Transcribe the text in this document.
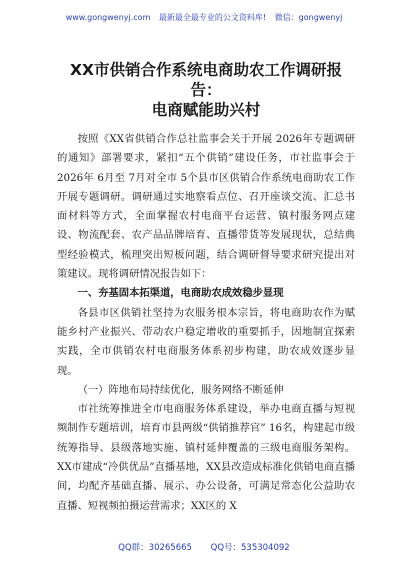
www.gongwenyj.com 最新最全最专业的公文资料库! 微信：gongwenyj
XX市供销合作系统电商助农工作调研报告：
电商赋能助兴村

按照《XX省供销合作总社监事会关于开展 2026年专题调研的通知》部署要求，紧扣“五个供销”建设任务，市社监事会于 2026年 6月至 7月对全市 5个县市区供销合作系统电商助农工作开展专题调研。调研通过实地察看点位、召开座谈交流、汇总书面材料等方式，全面掌握农村电商平台运营、镇村服务网点建设、物流配套、农产品品牌培育、直播带货等发展现状，总结典型经验模式，梳理突出短板问题，结合调研督导要求研究提出对策建议。现将调研情况报告如下：

一、夯基固本拓渠道，电商助农成效稳步显现

各县市区供销社坚持为农服务根本宗旨，将电商助农作为赋能乡村产业振兴、带动农户稳定增收的重要抓手，因地制宜探索实践，全市供销农村电商服务体系初步构建，助农成效逐步显现。

（一）阵地布局持续优化，服务网络不断延伸

市社统筹推进全市电商服务体系建设，举办电商直播与短视频制作专题培训，培育市县两级“供销推荐官” 16名，构建起市级统筹指导、县级落地实施、镇村延伸覆盖的三级电商服务架构。XX市建成“冷供优品”直播基地，XX县改造成标准化供销电商直播间，均配齐基础直播、展示、办公设备，可满足常态化公益助农直播、短视频拍摄运营需求；XX区的 X

QQ群：30265665 QQ号：535304092
